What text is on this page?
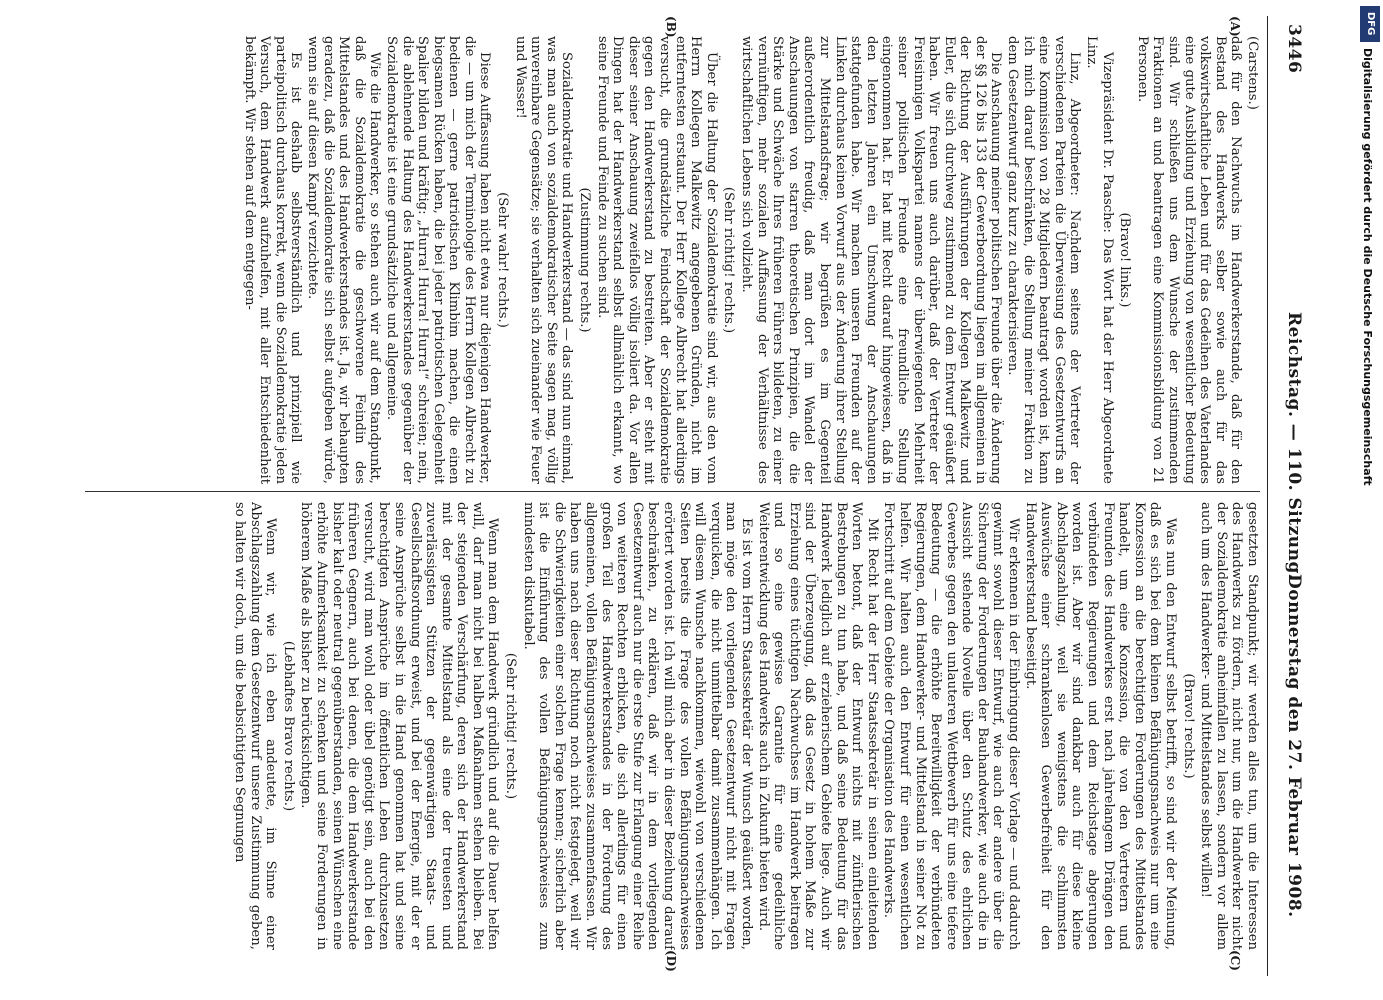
3446
Reichstag. — 110. Sitzung.
Donnerstag den 27. Februar 1908.
(A)
(B)
(C)
(D)

(Carstens.)

daß für den Nachwuchs im Handwerkerstande, daß für den Bestand des Handwerks selber sowie auch für das volkswirtschaftliche Leben und für das Gedeihen des Vaterlandes eine gute Ausbildung und Erziehung von wesentlicher Bedeutung sind. Wir schließen uns dem Wunsche der zustimmenden Fraktionen an und beantragen eine Kommissionsbildung von 21 Personen.

(Bravo! links.)

Vizepräsident Dr. Paasche: Das Wort hat der Herr Abgeordnete Linz.

Linz, Abgeordneter: Nachdem seitens der Vertreter der verschiedenen Parteien die Überweisung des Gesetzentwurfs an eine Kommission von 28 Mitgliedern beantragt worden ist, kann ich mich darauf beschränken, die Stellung meiner Fraktion zu dem Gesetzentwurf ganz kurz zu charakterisieren.

Die Anschauung meiner politischen Freunde über die Änderung der §§ 126 bis 133 der Gewerbeordnung liegen im allgemeinen in der Richtung der Ausführungen der Kollegen Malkewitz und Euler, die sich durchweg zustimmend zu dem Entwurf geäußert haben. Wir freuen uns auch darüber, daß der Vertreter der Freisinnigen Volkspartei namens der überwiegenden Mehrheit seiner politischen Freunde eine freundliche Stellung eingenommen hat. Er hat mit Recht darauf hingewiesen, daß in den letzten Jahren ein Umschwung der Anschauungen stattgefunden habe. Wir machen unseren Freunden auf der Linken durchaus keinen Vorwurf aus der Änderung ihrer Stellung zur Mittelstandsfrage; wir begrüßen es im Gegenteil außerordentlich freudig, daß man dort im Wandel der Anschauungen von starren theoretischen Prinzipien, die die Stärke und Schwäche Ihres früheren Führers bildeten, zu einer vernünftigen, mehr sozialen Auffassung der Verhältnisse des wirtschaftlichen Lebens sich vollzieht.

(Sehr richtig! rechts.)

Über die Haltung der Sozialdemokratie sind wir, aus den vom Herrn Kollegen Malkewitz angegebenen Gründen, nicht im entferntesten erstaunt. Der Herr Kollege Albrecht hat allerdings versucht, die grundsätzliche Feindschaft der Sozialdemokratie gegen den Handwerkerstand zu bestreiten. Aber er steht mit dieser seiner Anschauung zweifellos völlig isoliert da. Vor allen Dingen hat der Handwerkerstand selbst allmählich erkannt, wo seine Freunde und Feinde zu suchen sind.

(Zustimmung rechts.)

Sozialdemokratie und Handwerkerstand — das sind nun einmal, was man auch von sozialdemokratischer Seite sagen mag, völlig unvereinbare Gegensätze; sie verhalten sich zueinander wie Feuer und Wasser!

(Sehr wahr! rechts.)

Diese Auffassung haben nicht etwa nur diejenigen Handwerker, die — um mich der Terminologie des Herrn Kollegen Albrecht zu bedienen — gerne patriotischen Klimbim machen, die einen biegsamen Rücken haben, die bei jeder patriotischen Gelegenheit Spalier bilden und kräftig: „Hurra! Hurra! Hurra!“ schreien; nein, die ablehnende Haltung des Handwerkerstandes gegenüber der Sozialdemokratie ist eine grundsätzliche und allgemeine.

Wie die Handwerker, so stehen auch wir auf dem Standpunkt, daß die Sozialdemokratie die geschworene Feindin des Mittelstandes und des Handwerkerstandes ist. Ja, wir behaupten geradezu, daß die Sozialdemokratie sich selbst aufgeben würde, wenn sie auf diesen Kampf verzichtete.

Es ist deshalb selbstverständlich und prinzipiell wie parteipolitisch durchaus korrekt, wenn die Sozialdemokratie jeden Versuch, dem Handwerk aufzuhelfen, mit aller Entschiedenheit bekämpft. Wir stehen auf dem entgegen-

gesetzten Standpunkt; wir werden alles tun, um die Interessen des Handwerks zu fördern, nicht nur, um die Handwerker nicht der Sozialdemokratie anheimfallen zu lassen, sondern vor allem auch um des Handwerker- und Mittelstandes selbst willen!

(Bravo! rechts.)

Was nun den Entwurf selbst betrifft, so sind wir der Meinung, daß es sich bei dem kleinen Befähigungsnachweis nur um eine Konzession an die berechtigten Forderungen des Mittelstandes handelt, um eine Konzession, die von den Vertretern und Freunden des Handwerkes erst nach jahrelangem Drängen den verbündeten Regierungen und dem Reichstage abgerungen worden ist. Aber wir sind dankbar auch für diese kleine Abschlagszahlung, weil sie wenigstens die schlimmsten Auswüchse einer schrankenlosen Gewerbefreiheit für den Handwerkerstand beseitigt.

Wir erkennen in der Einbringung dieser Vorlage — und dadurch gewinnt sowohl dieser Entwurf, wie auch der andere über die Sicherung der Forderungen der Bauhandwerker, wie auch die in Aussicht stehende Novelle über den Schutz des ehrlichen Gewerbes gegen den unlauteren Wettbewerb für uns eine tiefere Bedeutung — die erhöhte Bereitwilligkeit der verbündeten Regierungen, dem Handwerker- und Mittelstand in seiner Not zu helfen. Wir halten auch den Entwurf für einen wesentlichen Fortschritt auf dem Gebiete der Organisation des Handwerks.

Mit Recht hat der Herr Staatssekretär in seinen einleitenden Worten betont, daß der Entwurf nichts mit zünftlerischen Bestrebungen zu tun habe, und daß seine Bedeutung für das Handwerk lediglich auf erzieherischem Gebiete liege. Auch wir sind der Überzeugung, daß das Gesetz in hohem Maße zur Erziehung eines tüchtigen Nachwuchses im Handwerk beitragen und so eine gewisse Garantie für eine gedeihliche Weiterentwicklung des Handwerks auch in Zukunft bieten wird.

Es ist vom Herrn Staatssekretär der Wunsch geäußert worden, man möge den vorliegenden Gesetzentwurf nicht mit Fragen verquicken, die nicht unmittelbar damit zusammenhängen. Ich will diesem Wunsche nachkommen, wiewohl von verschiedenen Seiten bereits die Frage des vollen Befähigungsnachweises erörtert worden ist. Ich will mich aber in dieser Beziehung darauf beschränken, zu erklären, daß wir in dem vorliegenden Gesetzentwurf auch nur die erste Stufe zur Erlangung einer Reihe von weiteren Rechten erblicken, die sich allerdings für einen großen Teil des Handwerkerstandes in der Forderung des allgemeinen, vollen Befähigungsnachweises zusammenfassen. Wir haben uns nach dieser Richtung noch nicht festgelegt, weil wir die Schwierigkeiten einer solchen Frage kennen; sicherlich aber ist die Einführung des vollen Befähigungsnachweises zum mindesten diskutabel.

(Sehr richtig! rechts.)

Wenn man dem Handwerk gründlich und auf die Dauer helfen will, darf man nicht bei halben Maßnahmen stehen bleiben. Bei der steigenden Verschärfung, deren sich der Handwerkerstand mit der gesamte Mittelstand als eine der treuesten und zuverlässigsten Stützen der gegenwärtigen Staats- und Gesellschaftsordnung erweist, und bei der Energie, mit der er seine Ansprüche selbst in die Hand genommen hat und seine berechtigten Ansprüche im öffentlichen Leben durchzusetzen versucht, wird man wohl oder übel genötigt sein, auch bei den früheren Gegnern, auch bei denen, die dem Handwerkerstande bisher kalt oder neutral gegenüberstanden, seinen Wünschen eine erhöhte Aufmerksamkeit zu schenken und seine Forderungen in höherem Maße als bisher zu berücksichtigen.

(Lebhaftes Bravo rechts.)

Wenn wir, wie ich eben andeutete, im Sinne einer Abschlagszahlung dem Gesetzentwurf unsere Zustimmung geben, so halten wir doch, um die beabsichtigten Segnungen

DFG
Digitalisierung gefördert durch die Deutsche Forschungsgemeinschaft
